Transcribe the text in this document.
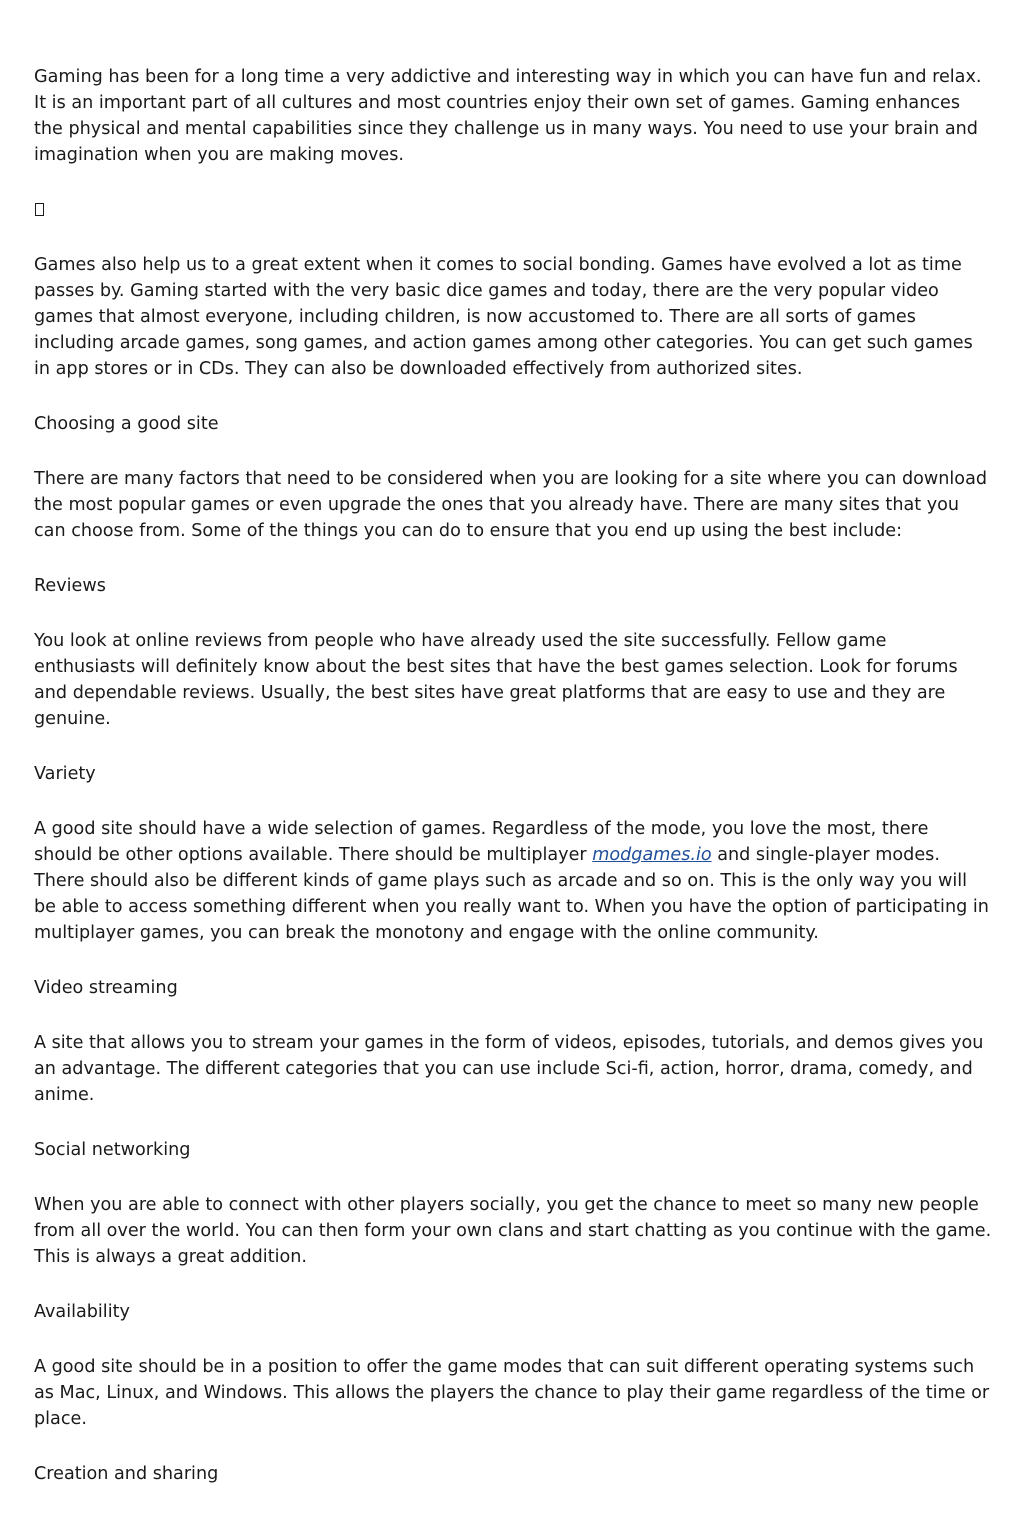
Gaming has been for a long time a very addictive and interesting way in which you can have fun and relax. It is an important part of all cultures and most countries enjoy their own set of games. Gaming enhances the physical and mental capabilities since they challenge us in many ways. You need to use your brain and imagination when you are making moves.

Games also help us to a great extent when it comes to social bonding. Games have evolved a lot as time passes by. Gaming started with the very basic dice games and today, there are the very popular video games that almost everyone, including children, is now accustomed to. There are all sorts of games including arcade games, song games, and action games among other categories. You can get such games in app stores or in CDs. They can also be downloaded effectively from authorized sites.

Choosing a good site

There are many factors that need to be considered when you are looking for a site where you can download the most popular games or even upgrade the ones that you already have. There are many sites that you can choose from. Some of the things you can do to ensure that you end up using the best include:

Reviews

You look at online reviews from people who have already used the site successfully. Fellow game enthusiasts will definitely know about the best sites that have the best games selection. Look for forums and dependable reviews. Usually, the best sites have great platforms that are easy to use and they are genuine.

Variety

A good site should have a wide selection of games. Regardless of the mode, you love the most, there should be other options available. There should be multiplayer modgames.io and single-player modes. There should also be different kinds of game plays such as arcade and so on. This is the only way you will be able to access something different when you really want to. When you have the option of participating in multiplayer games, you can break the monotony and engage with the online community.

Video streaming

A site that allows you to stream your games in the form of videos, episodes, tutorials, and demos gives you an advantage. The different categories that you can use include Sci-fi, action, horror, drama, comedy, and anime.

Social networking

When you are able to connect with other players socially, you get the chance to meet so many new people from all over the world. You can then form your own clans and start chatting as you continue with the game. This is always a great addition.

Availability

A good site should be in a position to offer the game modes that can suit different operating systems such as Mac, Linux, and Windows. This allows the players the chance to play their game regardless of the time or place.

Creation and sharing
